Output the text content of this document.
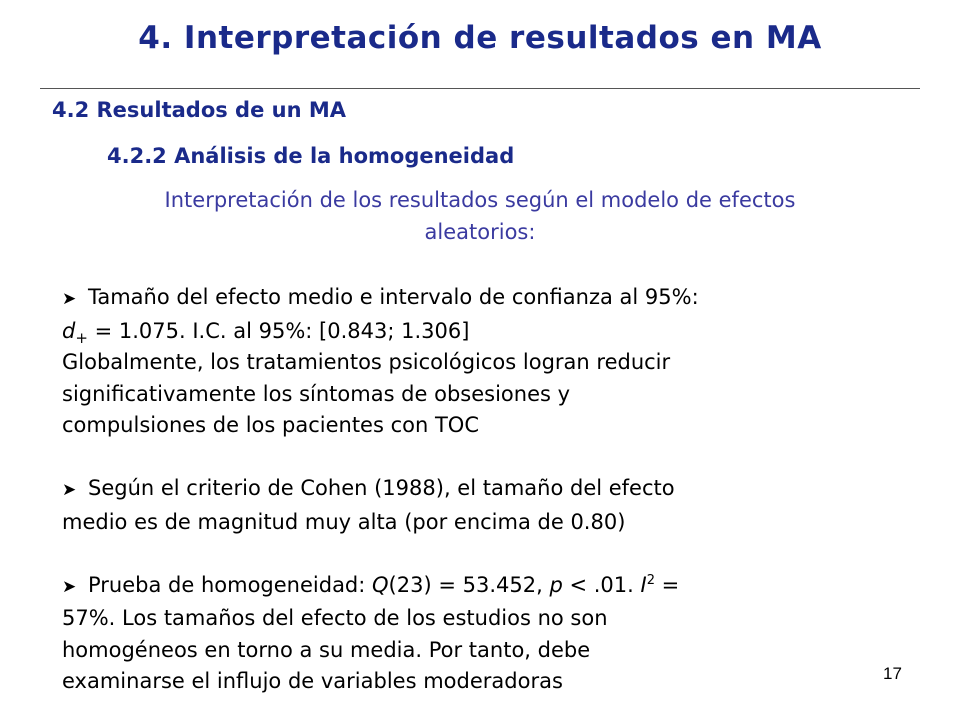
4. Interpretación de resultados en MA
4.2 Resultados de un MA
4.2.2 Análisis de la homogeneidad
Interpretación de los resultados según el modelo de efectos
aleatorios:

➤ Tamaño del efecto medio e intervalo de confianza al 95%:

$d_+ = 1.075$. I.C. al 95%: [0.843; 1.306]

Globalmente, los tratamientos psicológicos logran reducir

significativamente los síntomas de obsesiones y

compulsiones de los pacientes con TOC

➤ Según el criterio de Cohen (1988), el tamaño del efecto

medio es de magnitud muy alta (por encima de 0.80)

➤ Prueba de homogeneidad: Q(23) = 53.452, p < .01. $I^2$ =

57%. Los tamaños del efecto de los estudios no son

homogéneos en torno a su media. Por tanto, debe

examinarse el influjo de variables moderadoras	17
